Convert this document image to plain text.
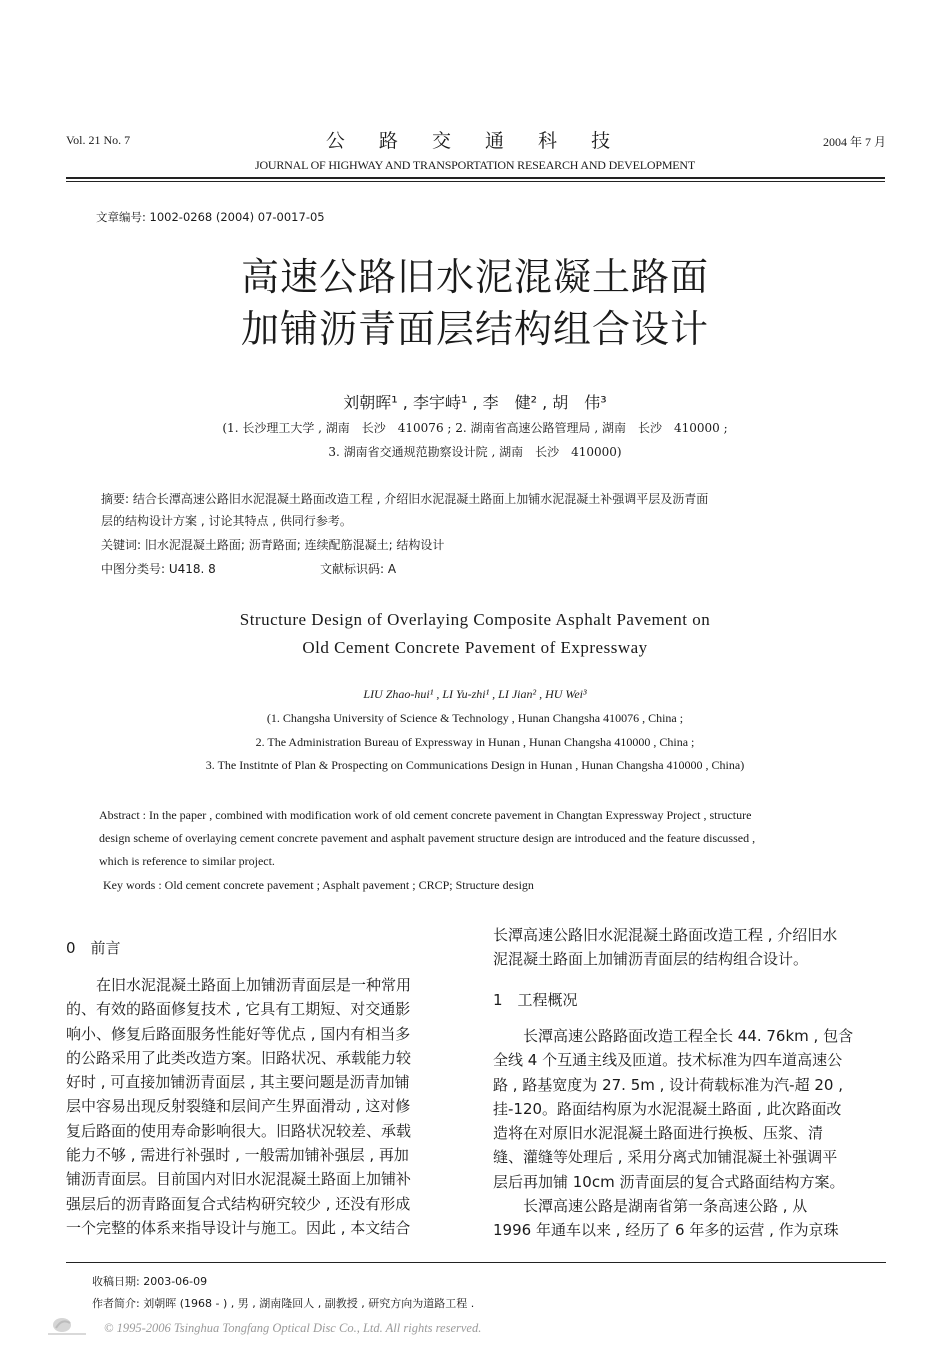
Vol. 21 No. 7	公 路 交 通 科 技	2004 年 7 月
JOURNAL OF HIGHWAY AND TRANSPORTATION RESEARCH AND DEVELOPMENT
文章编号: 1002-0268 (2004) 07-0017-05
高速公路旧水泥混凝土路面
加铺沥青面层结构组合设计
刘朝晖¹ , 李宇峙¹ , 李　健² , 胡　伟³
(1. 长沙理工大学 , 湖南　长沙　410076 ; 2. 湖南省高速公路管理局 , 湖南　长沙　410000 ;
3. 湖南省交通规范勘察设计院 , 湖南　长沙　410000)
摘要: 结合长潭高速公路旧水泥混凝土路面改造工程 , 介绍旧水泥混凝土路面上加铺水泥混凝土补强调平层及沥青面
层的结构设计方案 , 讨论其特点 , 供同行参考。
关键词: 旧水泥混凝土路面; 沥青路面; 连续配筋混凝土; 结构设计
中图分类号: U418. 8	文献标识码: A
Structure Design of Overlaying Composite Asphalt Pavement on
Old Cement Concrete Pavement of Expressway
LIU Zhao-hui¹ , LI Yu-zhi¹ , LI Jian² , HU Wei³
(1. Changsha University of Science & Technology , Hunan Changsha 410076 , China ;
2. The Administration Bureau of Expressway in Hunan , Hunan Changsha 410000 , China ;
3. The Institnte of Plan & Prospecting on Communications Design in Hunan , Hunan Changsha 410000 , China)
Abstract : In the paper , combined with modification work of old cement concrete pavement in Changtan Expressway Project , structure
design scheme of overlaying cement concrete pavement and asphalt pavement structure design are introduced and the feature discussed ,
which is reference to similar project.
Key words : Old cement concrete pavement ; Asphalt pavement ; CRCP; Structure design
0　前言

　　在旧水泥混凝土路面上加铺沥青面层是一种常用

的、有效的路面修复技术 , 它具有工期短、对交通影

响小、修复后路面服务性能好等优点 , 国内有相当多

的公路采用了此类改造方案。旧路状况、承载能力较

好时 , 可直接加铺沥青面层 , 其主要问题是沥青加铺

层中容易出现反射裂缝和层间产生界面滑动 , 这对修

复后路面的使用寿命影响很大。旧路状况较差、承载

能力不够 , 需进行补强时 , 一般需加铺补强层 , 再加

铺沥青面层。目前国内对旧水泥混凝土路面上加铺补

强层后的沥青路面复合式结构研究较少 , 还没有形成

一个完整的体系来指导设计与施工。因此 , 本文结合

长潭高速公路旧水泥混凝土路面改造工程 , 介绍旧水

泥混凝土路面上加铺沥青面层的结构组合设计。

1　工程概况

　　长潭高速公路路面改造工程全长 44. 76km , 包含

全线 4 个互通主线及匝道。技术标准为四车道高速公

路 , 路基宽度为 27. 5m , 设计荷载标准为汽-超 20 ,

挂-120。路面结构原为水泥混凝土路面 , 此次路面改

造将在对原旧水泥混凝土路面进行换板、压浆、清

缝、灌缝等处理后 , 采用分离式加铺混凝土补强调平

层后再加铺 10cm 沥青面层的复合式路面结构方案。

　　长潭高速公路是湖南省第一条高速公路 , 从

1996 年通车以来 , 经历了 6 年多的运营 , 作为京珠

收稿日期: 2003-06-09
作者简介: 刘朝晖 (1968 - ) , 男 , 湖南隆回人 , 副教授 , 研究方向为道路工程 .
© 1995-2006 Tsinghua Tongfang Optical Disc Co., Ltd. All rights reserved.
